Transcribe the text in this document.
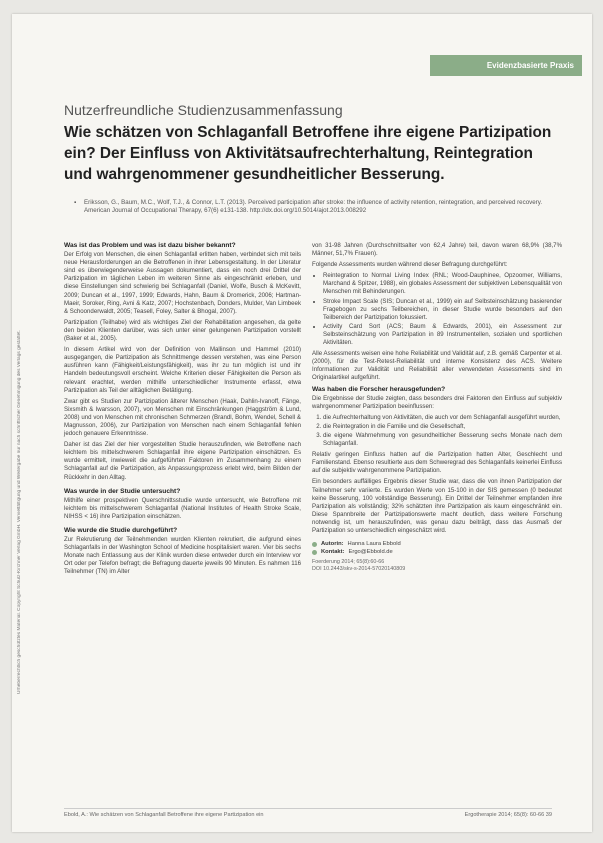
Evidenzbasierte Praxis
Urheberrechtlich geschütztes Material. Copyright Schulz-Kirchner Verlag GmbH. Vervielfältigung und Weitergabe nur nach schriftlicher Genehmigung des Verlags gestattet.

Nutzerfreundliche Studienzusammenfassung

Wie schätzen von Schlaganfall Betroffene ihre eigene Partizipation ein? Der Einfluss von Aktivitätsaufrechterhaltung, Reintegration und wahrgenommener gesundheitlicher Besserung.
▪ Eriksson, G., Baum, M.C., Wolf, T.J., & Connor, L.T. (2013). Perceived participation after stroke: the influence of activity retention, reintegration, and perceived recovery. American Journal of Occupational Therapy, 67(6) e131-138. http://dx.doi.org/10.5014/ajot.2013.008292
Was ist das Problem und was ist dazu bisher bekannt?

Der Erfolg von Menschen, die einen Schlaganfall erlitten haben, verbindet sich mit teils neue Herausforderungen an die Betroffenen in ihrer Lebensgestaltung. In der Literatur sind es überwiegenderweise Aussagen dokumentiert, dass ein noch drei Drittel der Partizipation im täglichen Leben im weiteren Sinne als eingeschränkt erleben, und diese Einstellungen sind schwierig bei Schlaganfall (Daniel, Wolfe, Busch & McKevitt, 2009; Duncan et al., 1997, 1999; Edwards, Hahn, Baum & Dromerick, 2006; Hartman-Maeir, Soroker, Ring, Avni & Katz, 2007; Hochstenbach, Donders, Mulder, Van Limbeek & Schoonderwaldt, 2005; Teasell, Foley, Salter & Bhogal, 2007).

Partizipation (Teilhabe) wird als wichtiges Ziel der Rehabilitation angesehen, da gelte den beiden Klienten darüber, was sich unter einer gelungenen Partizipation vorstellt (Baker et al., 2005).

In diesem Artikel wird von der Definition von Mallinson und Hammel (2010) ausgegangen, die Partizipation als Schnittmenge dessen verstehen, was eine Person ausführen kann (Fähigkeit/Leistungsfähigkeit), was ihr zu tun möglich ist und ihr Handeln bedeutungsvoll erscheint. Welche Kriterien dieser Fähigkeiten die Person als relevant erachtet, werden mithilfe unterschiedlicher Instrumente erfasst, etwa Partizipation als Teil der alltäglichen Betätigung.

Zwar gibt es Studien zur Partizipation älterer Menschen (Haak, Dahlin-Ivanoff, Fänge, Sixsmith & Iwarsson, 2007), von Menschen mit Einschränkungen (Haggström & Lund, 2008) und von Menschen mit chronischen Schmerzen (Brandl, Bohm, Wendel, Schell & Magnusson, 2006), zur Partizipation von Menschen nach einem Schlaganfall fehlen jedoch genauere Erkenntnisse.

Daher ist das Ziel der hier vorgestellten Studie herauszufinden, wie Betroffene nach leichtem bis mittelschwerem Schlaganfall ihre eigene Partizipation einschätzen. Es wurde ermittelt, inwieweit die aufgeführten Faktoren im Zusammenhang zu einem Schlaganfall auf die Partizipation, als Anpassungsprozess erlebt wird, beim Bilden der Rückkehr in den Alltag.

Was wurde in der Studie untersucht?

Mithilfe einer prospektiven Querschnittsstudie wurde untersucht, wie Betroffene mit leichtem bis mittelschwerem Schlaganfall (National Institutes of Health Stroke Scale, NIHSS < 16) ihre Partizipation einschätzen.

Wie wurde die Studie durchgeführt?

Zur Rekrutierung der Teilnehmenden wurden Klienten rekrutiert, die aufgrund eines Schlaganfalls in der Washington School of Medicine hospitalisiert waren. Vier bis sechs Monate nach Entlassung aus der Klinik wurden diese entweder durch ein Interview vor Ort oder per Telefon befragt; die Befragung dauerte jeweils 90 Minuten. Es nahmen 116 Teilnehmer (TN) im Alter

von 31-98 Jahren (Durchschnittsalter von 62,4 Jahre) teil, davon waren 68,9% (38,7% Männer, 51,7% Frauen).

Folgende Assessments wurden während dieser Befragung durchgeführt:

• Reintegration to Normal Living Index (RNL; Wood-Dauphinee, Opzoomer, Williams, Marchand & Spitzer, 1988), ein globales Assessment der subjektiven Lebensqualität von Menschen mit Behinderungen.
• Stroke Impact Scale (SIS; Duncan et al., 1999) ein auf Selbsteinschätzung basierender Fragebogen zu sechs Teilbereichen, in dieser Studie wurde besonders auf den Teilbereich der Partizipation fokussiert.
• Activity Card Sort (ACS; Baum & Edwards, 2001), ein Assessment zur Selbsteinschätzung von Partizipation in 89 Instrumentellen, sozialen und sportlichen Aktivitäten.

Alle Assessments weisen eine hohe Reliabilität und Validität auf, z.B. gemäß Carpenter et al. (2000), für die Test-Retest-Reliabilität und interne Konsistenz des ACS. Weitere Informationen zur Validität und Reliabilität aller verwendeten Assessments sind im Originalartikel aufgeführt.

Was haben die Forscher herausgefunden?

Die Ergebnisse der Studie zeigten, dass besonders drei Faktoren den Einfluss auf subjektiv wahrgenommener Partizipation beeinflussen:

1. die Aufrechterhaltung von Aktivitäten, die auch vor dem Schlaganfall ausgeführt wurden,
2. die Reintegration in die Familie und die Gesellschaft,
3. die eigene Wahrnehmung von gesundheitlicher Besserung sechs Monate nach dem Schlaganfall.

Relativ geringen Einfluss hatten auf die Partizipation hatten Alter, Geschlecht und Familienstand. Ebenso resultierte aus dem Schweregrad des Schlaganfalls keinerlei Einfluss auf die subjektiv wahrgenommene Partizipation.

Ein besonders auffälliges Ergebnis dieser Studie war, dass die von ihnen Partizipation der Teilnehmer sehr variierte. Es wurden Werte von 15-100 in der SIS gemessen (0 bedeutet keine Besserung, 100 vollständige Besserung). Ein Drittel der Teilnehmer empfanden ihre Partizipation als vollständig; 32% schätzten ihre Partizipation als kaum eingeschränkt ein. Diese Spannbreite der Partizipationswerte macht deutlich, dass weitere Forschung notwendig ist, um herauszufinden, was genau dazu beiträgt, dass das Ausmaß der Partizipation so unterschiedlich eingeschätzt wird.

Autorin: Hanna Laura Ebbold
Kontakt: Ergo@Ebbold.de
Foerderung 2014; 65(8):60-66
DOI 10.2443/skv-s-2014-57020140809
Ebold, A.: Wie schätzen von Schlaganfall Betroffene ihre eigene Partizipation ein	Ergotherapie 2014; 65(8): 60-66 39
